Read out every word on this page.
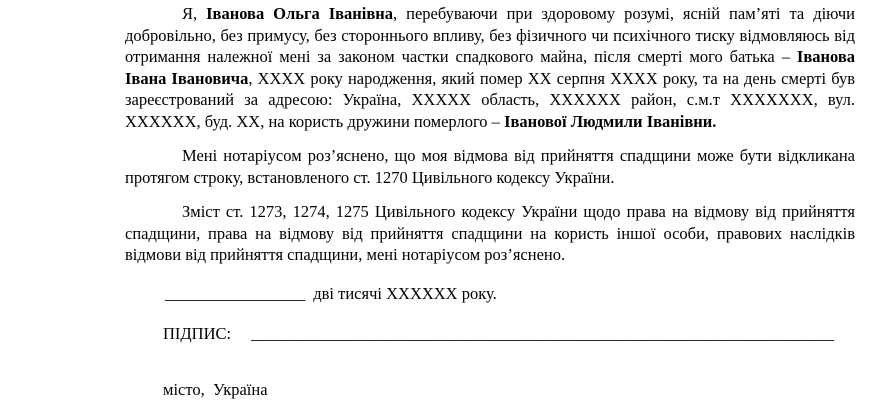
Я, Іванова Ольга Іванівна, перебуваючи при здоровому розумі, ясній пам’яті та діючи добровільно, без примусу, без стороннього впливу, без фізичного чи психічного тиску відмовляюсь від отримання належної мені за законом частки спадкового майна, після смерті мого батька – Іванова Івана Івановича, ХХХХ року народження, який помер ХХ серпня ХХХХ року, та на день смерті був зареєстрований за адресою: Україна, ХХХХХ область, ХХХХХХ район, с.м.т ХХХХХХХ, вул. ХХХХХХ, буд. ХХ, на користь дружини померлого – Іванової Людмили Іванівни.

Мені нотаріусом роз’яснено, що моя відмова від прийняття спадщини може бути відкликана протягом строку, встановленого ст. 1270 Цивільного кодексу України.

Зміст ст. 1273, 1274, 1275 Цивільного кодексу України щодо права на відмову від прийняття спадщини, права на відмову від прийняття спадщини на користь іншої особи, правових наслідків відмови від прийняття спадщини, мені нотаріусом роз’яснено.

_________________ дві тисячі ХХХХХХ року.

ПІДПИС: _____________________________________________________________________

місто,  Україна
